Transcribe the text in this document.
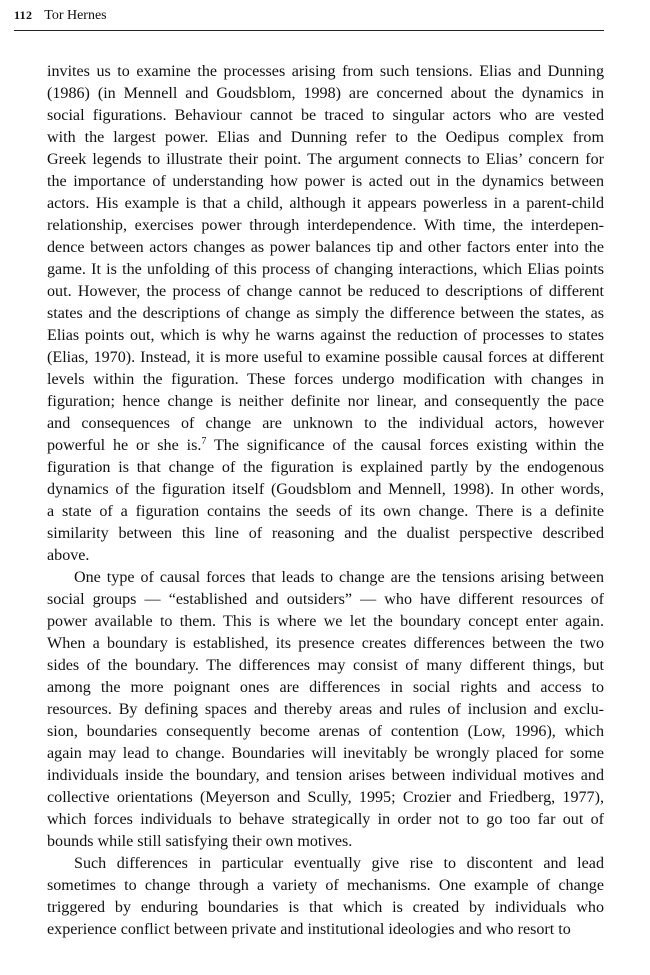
112 Tor Hernes
invites us to examine the processes arising from such tensions. Elias and Dunning
(1986) (in Mennell and Goudsblom, 1998) are concerned about the dynamics in
social figurations. Behaviour cannot be traced to singular actors who are vested
with the largest power. Elias and Dunning refer to the Oedipus complex from
Greek legends to illustrate their point. The argument connects to Elias’ concern for
the importance of understanding how power is acted out in the dynamics between
actors. His example is that a child, although it appears powerless in a parent-child
relationship, exercises power through interdependence. With time, the interdepen-
dence between actors changes as power balances tip and other factors enter into the
game. It is the unfolding of this process of changing interactions, which Elias points
out. However, the process of change cannot be reduced to descriptions of different
states and the descriptions of change as simply the difference between the states, as
Elias points out, which is why he warns against the reduction of processes to states
(Elias, 1970). Instead, it is more useful to examine possible causal forces at different
levels within the figuration. These forces undergo modification with changes in
figuration; hence change is neither definite nor linear, and consequently the pace
and consequences of change are unknown to the individual actors, however
powerful he or she is.$^7$ The significance of the causal forces existing within the
figuration is that change of the figuration is explained partly by the endogenous
dynamics of the figuration itself (Goudsblom and Mennell, 1998). In other words,
a state of a figuration contains the seeds of its own change. There is a definite
similarity between this line of reasoning and the dualist perspective described
above.
One type of causal forces that leads to change are the tensions arising between
social groups — “established and outsiders” — who have different resources of
power available to them. This is where we let the boundary concept enter again.
When a boundary is established, its presence creates differences between the two
sides of the boundary. The differences may consist of many different things, but
among the more poignant ones are differences in social rights and access to
resources. By defining spaces and thereby areas and rules of inclusion and exclu-
sion, boundaries consequently become arenas of contention (Low, 1996), which
again may lead to change. Boundaries will inevitably be wrongly placed for some
individuals inside the boundary, and tension arises between individual motives and
collective orientations (Meyerson and Scully, 1995; Crozier and Friedberg, 1977),
which forces individuals to behave strategically in order not to go too far out of
bounds while still satisfying their own motives.
Such differences in particular eventually give rise to discontent and lead
sometimes to change through a variety of mechanisms. One example of change
triggered by enduring boundaries is that which is created by individuals who
experience conflict between private and institutional ideologies and who resort to
